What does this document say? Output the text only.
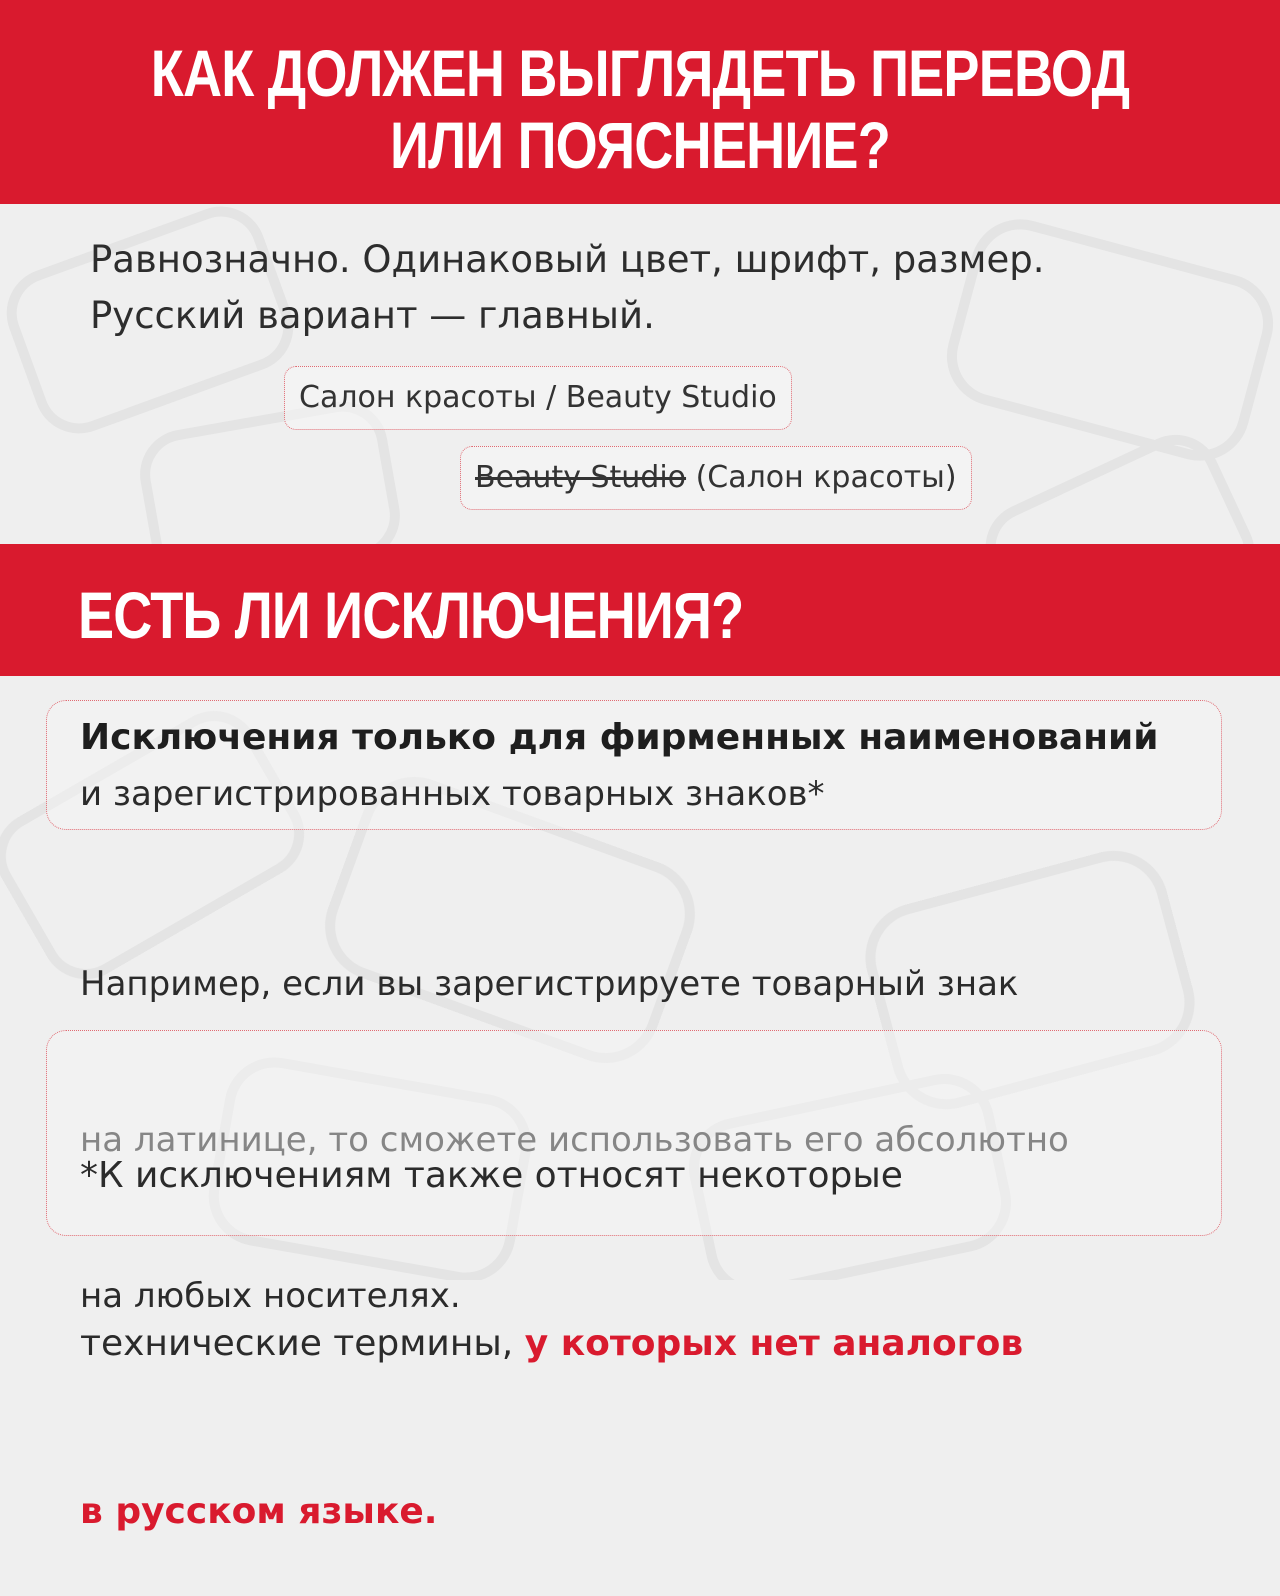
КАК ДОЛЖЕН ВЫГЛЯДЕТЬ ПЕРЕВОД
ИЛИ ПОЯСНЕНИЕ?
Равнозначно. Одинаковый цвет, шрифт, размер.
Русский вариант — главный.
Салон красоты / Beauty Studio
Beauty Studio (Салон красоты)
ЕСТЬ ЛИ ИСКЛЮЧЕНИЯ?
Исключения только для фирменных наименований
и зарегистрированных товарных знаков*

Например, если вы зарегистрируете товарный знак

на латинице, то сможете использовать его абсолютно

на любых носителях.

*К исключениям также относят некоторые

технические термины, у которых нет аналогов

в русском языке.
